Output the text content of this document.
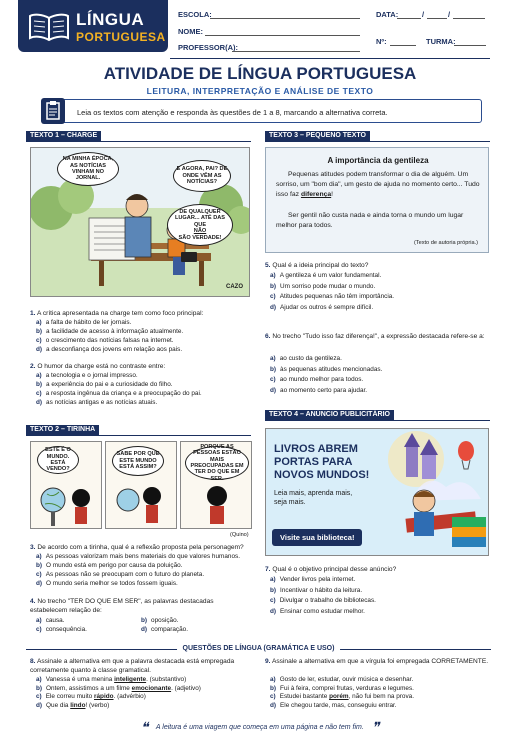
LÍNGUA
PORTUGUESA
ESCOLA:
NOME:
PROFESSOR(A):
DATA:	/	/
Nº:	TURMA:
ATIVIDADE DE LÍNGUA PORTUGUESA
LEITURA, INTERPRETAÇÃO E ANÁLISE DE TEXTO
Leia os textos com atenção e responda às questões de 1 a 8, marcando a alternativa correta.
TEXTO 1 – CHARGE
NA MINHA ÉPOCA, AS NOTÍCIAS VINHAM NO JORNAL.
E AGORA, PAI? DE ONDE VÊM AS NOTÍCIAS?
DE QUALQUER LUGAR... ATÉ DAS QUE
NÃO
SÃO VERDADE!
CAZO
1. A crítica apresentada na charge tem como foco principal:
a) a falta de hábito de ler jornais.
b) a facilidade de acesso à informação atualmente.
c) o crescimento das notícias falsas na internet.
d) a desconfiança dos jovens em relação aos pais.
2. O humor da charge está no contraste entre:
a) a tecnologia e o jornal impresso.
b) a experiência do pai e a curiosidade do filho.
c) a resposta ingênua da criança e a preocupação do pai.
d) as notícias antigas e as notícias atuais.
TEXTO 2 – TIRINHA
ESTE É O MUNDO. ESTÁ VENDO?
SABE POR QUE ESTE MUNDO ESTÁ ASSIM?
PORQUE AS PESSOAS ESTÃO MAIS PREOCUPADAS EM TER DO QUE EM SER.
(Quino)
3. De acordo com a tirinha, qual é a reflexão proposta pela personagem?
a) As pessoas valorizam mais bens materiais do que valores humanos.
b) O mundo está em perigo por causa da poluição.
c) As pessoas não se preocupam com o futuro do planeta.
d) O mundo seria melhor se todos fossem iguais.
4. No trecho "TER DO QUE EM SER", as palavras destacadas estabelecem relação de:
a) causa.	b) oposição.
c) consequência.	d) comparação.
TEXTO 3 – PEQUENO TEXTO
A importância da gentileza
Pequenas atitudes podem transformar o dia de alguém. Um sorriso, um "bom dia", um gesto de ajuda no momento certo... Tudo isso faz diferença!
Ser gentil não custa nada e ainda torna o mundo um lugar melhor para todos.
(Texto de autoria própria.)
5. Qual é a ideia principal do texto?
a) A gentileza é um valor fundamental.
b) Um sorriso pode mudar o mundo.
c) Atitudes pequenas não têm importância.
d) Ajudar os outros é sempre difícil.
6. No trecho "Tudo isso faz diferença!", a expressão destacada refere-se a:
a) ao custo da gentileza.
b) às pequenas atitudes mencionadas.
c) ao mundo melhor para todos.
d) ao momento certo para ajudar.
TEXTO 4 – ANÚNCIO PUBLICITÁRIO
LIVROS ABREM
PORTAS PARA
NOVOS MUNDOS!
Leia mais, aprenda mais,
seja mais.
Visite sua biblioteca!
7. Qual é o objetivo principal desse anúncio?
a) Vender livros pela internet.
b) Incentivar o hábito da leitura.
c) Divulgar o trabalho de bibliotecas.
d) Ensinar como estudar melhor.
QUESTÕES DE LÍNGUA (GRAMÁTICA E USO)
8. Assinale a alternativa em que a palavra destacada está empregada corretamente quanto à classe gramatical.
a) Vanessa é uma menina inteligente. (substantivo)
b) Ontem, assistimos a um filme emocionante. (adjetivo)
c) Ele correu muito rápido. (advérbio)
d) Que dia lindo! (verbo)
9. Assinale a alternativa em que a vírgula foi empregada CORRETAMENTE.
a) Gosto de ler, estudar, ouvir música e desenhar.
b) Fui à feira, comprei frutas, verduras e legumes.
c) Estudei bastante porém, não fui bem na prova.
d) Ele chegou tarde, mas, conseguiu entrar.
❝ A leitura é uma viagem que começa em uma página e não tem fim. ❞
